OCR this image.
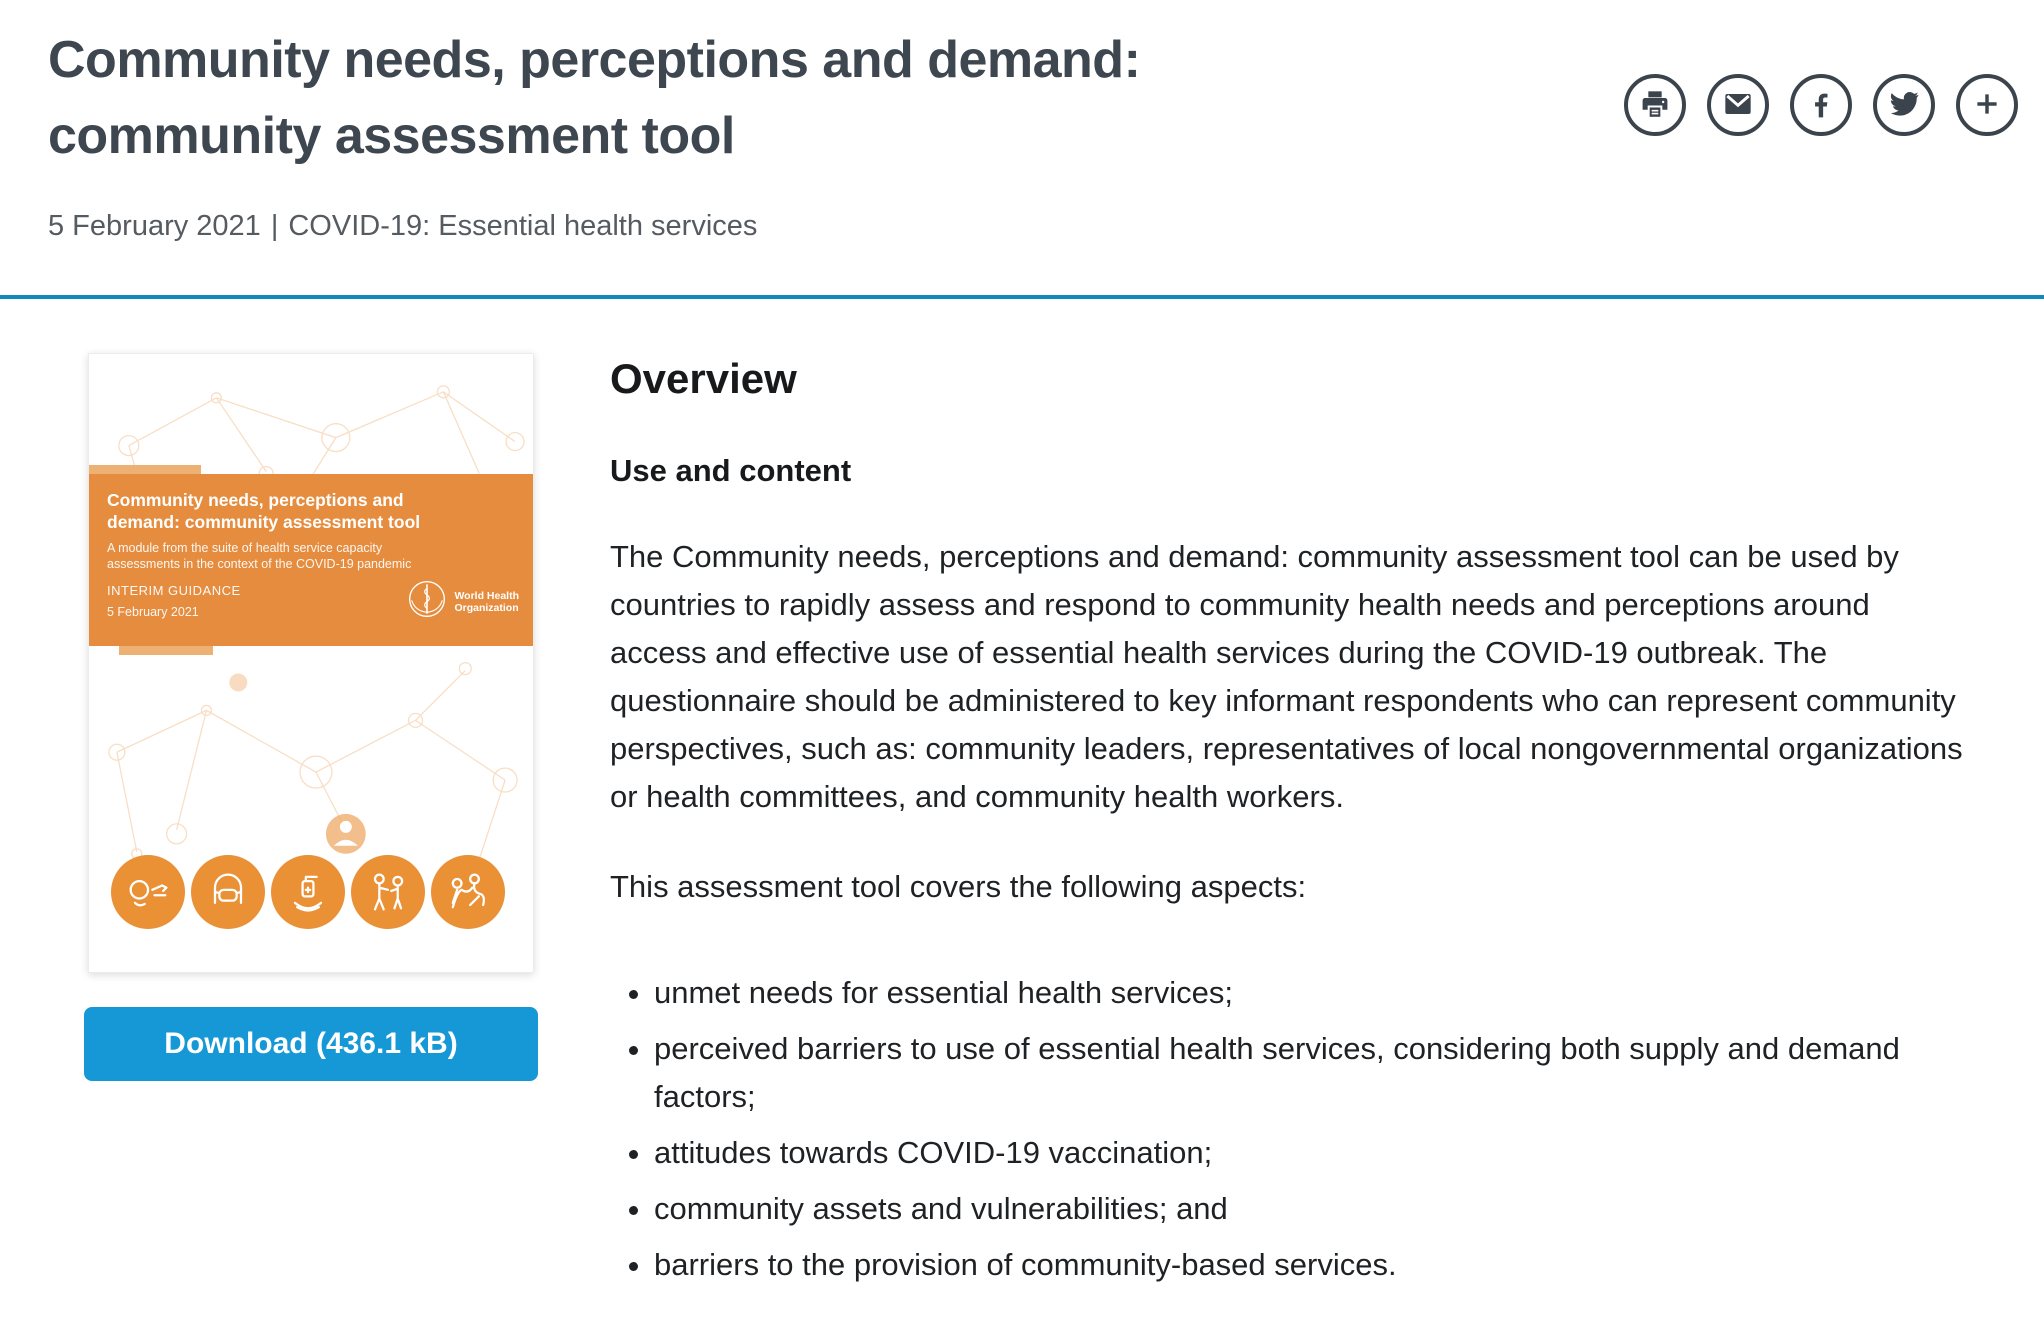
Community needs, perceptions and demand: community assessment tool
5 February 2021 | COVID-19: Essential health services
Community needs, perceptions and demand: community assessment tool
A module from the suite of health service capacity assessments in the context of the COVID-19 pandemic
INTERIM GUIDANCE
5 February 2021
World Health
Organization
Download (436.1 kB)
Overview
Use and content

The Community needs, perceptions and demand: community assessment tool can be used by countries to rapidly assess and respond to community health needs and perceptions around access and effective use of essential health services during the COVID-19 outbreak. The questionnaire should be administered to key informant respondents who can represent community perspectives, such as: community leaders, representatives of local nongovernmental organizations or health committees, and community health workers.

This assessment tool covers the following aspects:

• unmet needs for essential health services;
• perceived barriers to use of essential health services, considering both supply and demand factors;
• attitudes towards COVID-19 vaccination;
• community assets and vulnerabilities; and
• barriers to the provision of community-based services.
